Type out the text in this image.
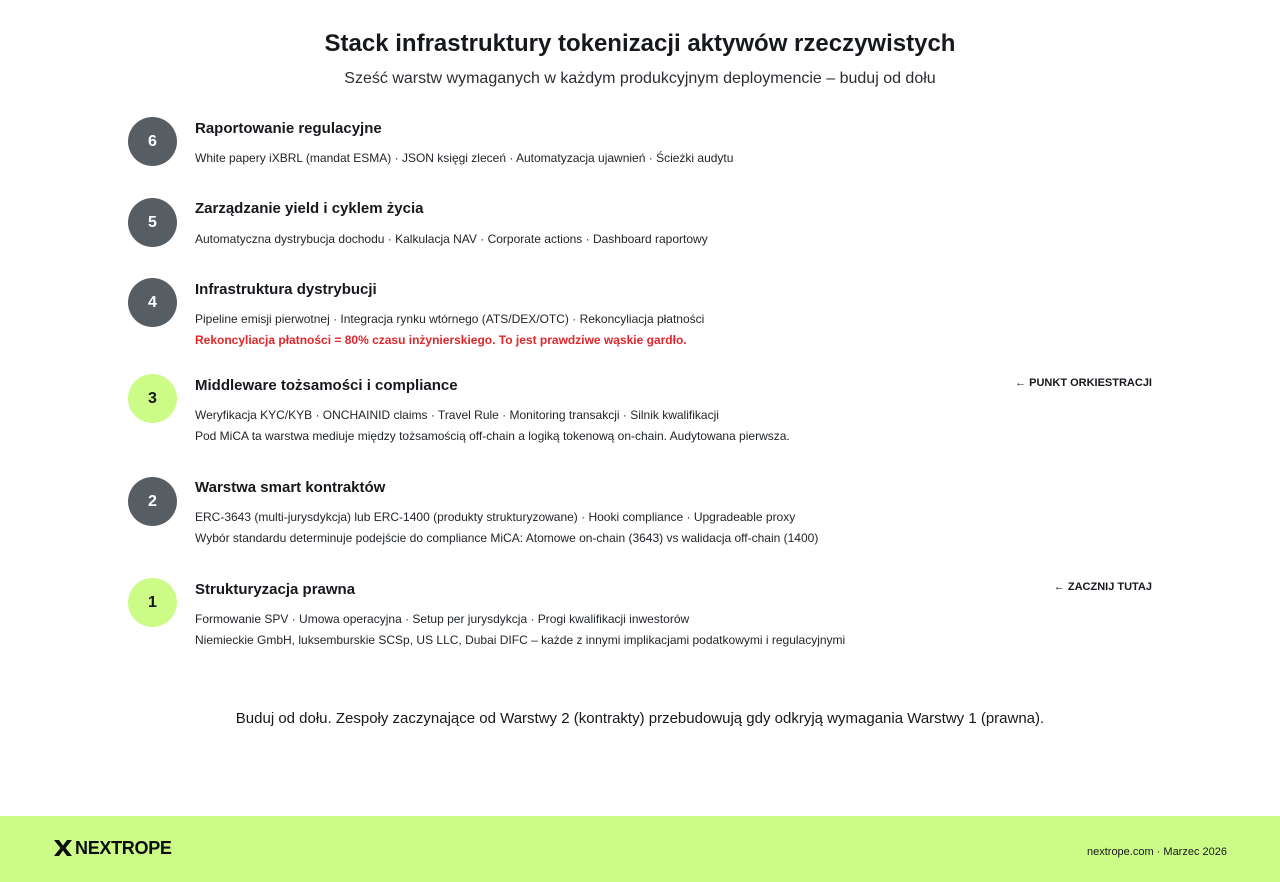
Stack infrastruktury tokenizacji aktywów rzeczywistych
Sześć warstw wymaganych w każdym produkcyjnym deploymencie – buduj od dołu
6
Raportowanie regulacyjne
White papery iXBRL (mandat ESMA) · JSON księgi zleceń · Automatyzacja ujawnień · Ścieżki audytu
5
Zarządzanie yield i cyklem życia
Automatyczna dystrybucja dochodu · Kalkulacja NAV · Corporate actions · Dashboard raportowy
4
Infrastruktura dystrybucji
Pipeline emisji pierwotnej · Integracja rynku wtórnego (ATS/DEX/OTC) · Rekoncyliacja płatności
Rekoncyliacja płatności = 80% czasu inżynierskiego. To jest prawdziwe wąskie gardło.
3
Middleware tożsamości i compliance	← PUNKT ORKIESTRACJI
Weryfikacja KYC/KYB · ONCHAINID claims · Travel Rule · Monitoring transakcji · Silnik kwalifikacji
Pod MiCA ta warstwa mediuje między tożsamością off-chain a logiką tokenową on-chain. Audytowana pierwsza.
2
Warstwa smart kontraktów
ERC-3643 (multi-jurysdykcja) lub ERC-1400 (produkty strukturyzowane) · Hooki compliance · Upgradeable proxy
Wybór standardu determinuje podejście do compliance MiCA: Atomowe on-chain (3643) vs walidacja off-chain (1400)
1
Strukturyzacja prawna	← ZACZNIJ TUTAJ
Formowanie SPV · Umowa operacyjna · Setup per jurysdykcja · Progi kwalifikacji inwestorów
Niemieckie GmbH, luksemburskie SCSp, US LLC, Dubai DIFC – każde z innymi implikacjami podatkowymi i regulacyjnymi
Buduj od dołu. Zespoły zaczynające od Warstwy 2 (kontrakty) przebudowują gdy odkryją wymagania Warstwy 1 (prawna).
NEXTROPE	nextrope.com · Marzec 2026
